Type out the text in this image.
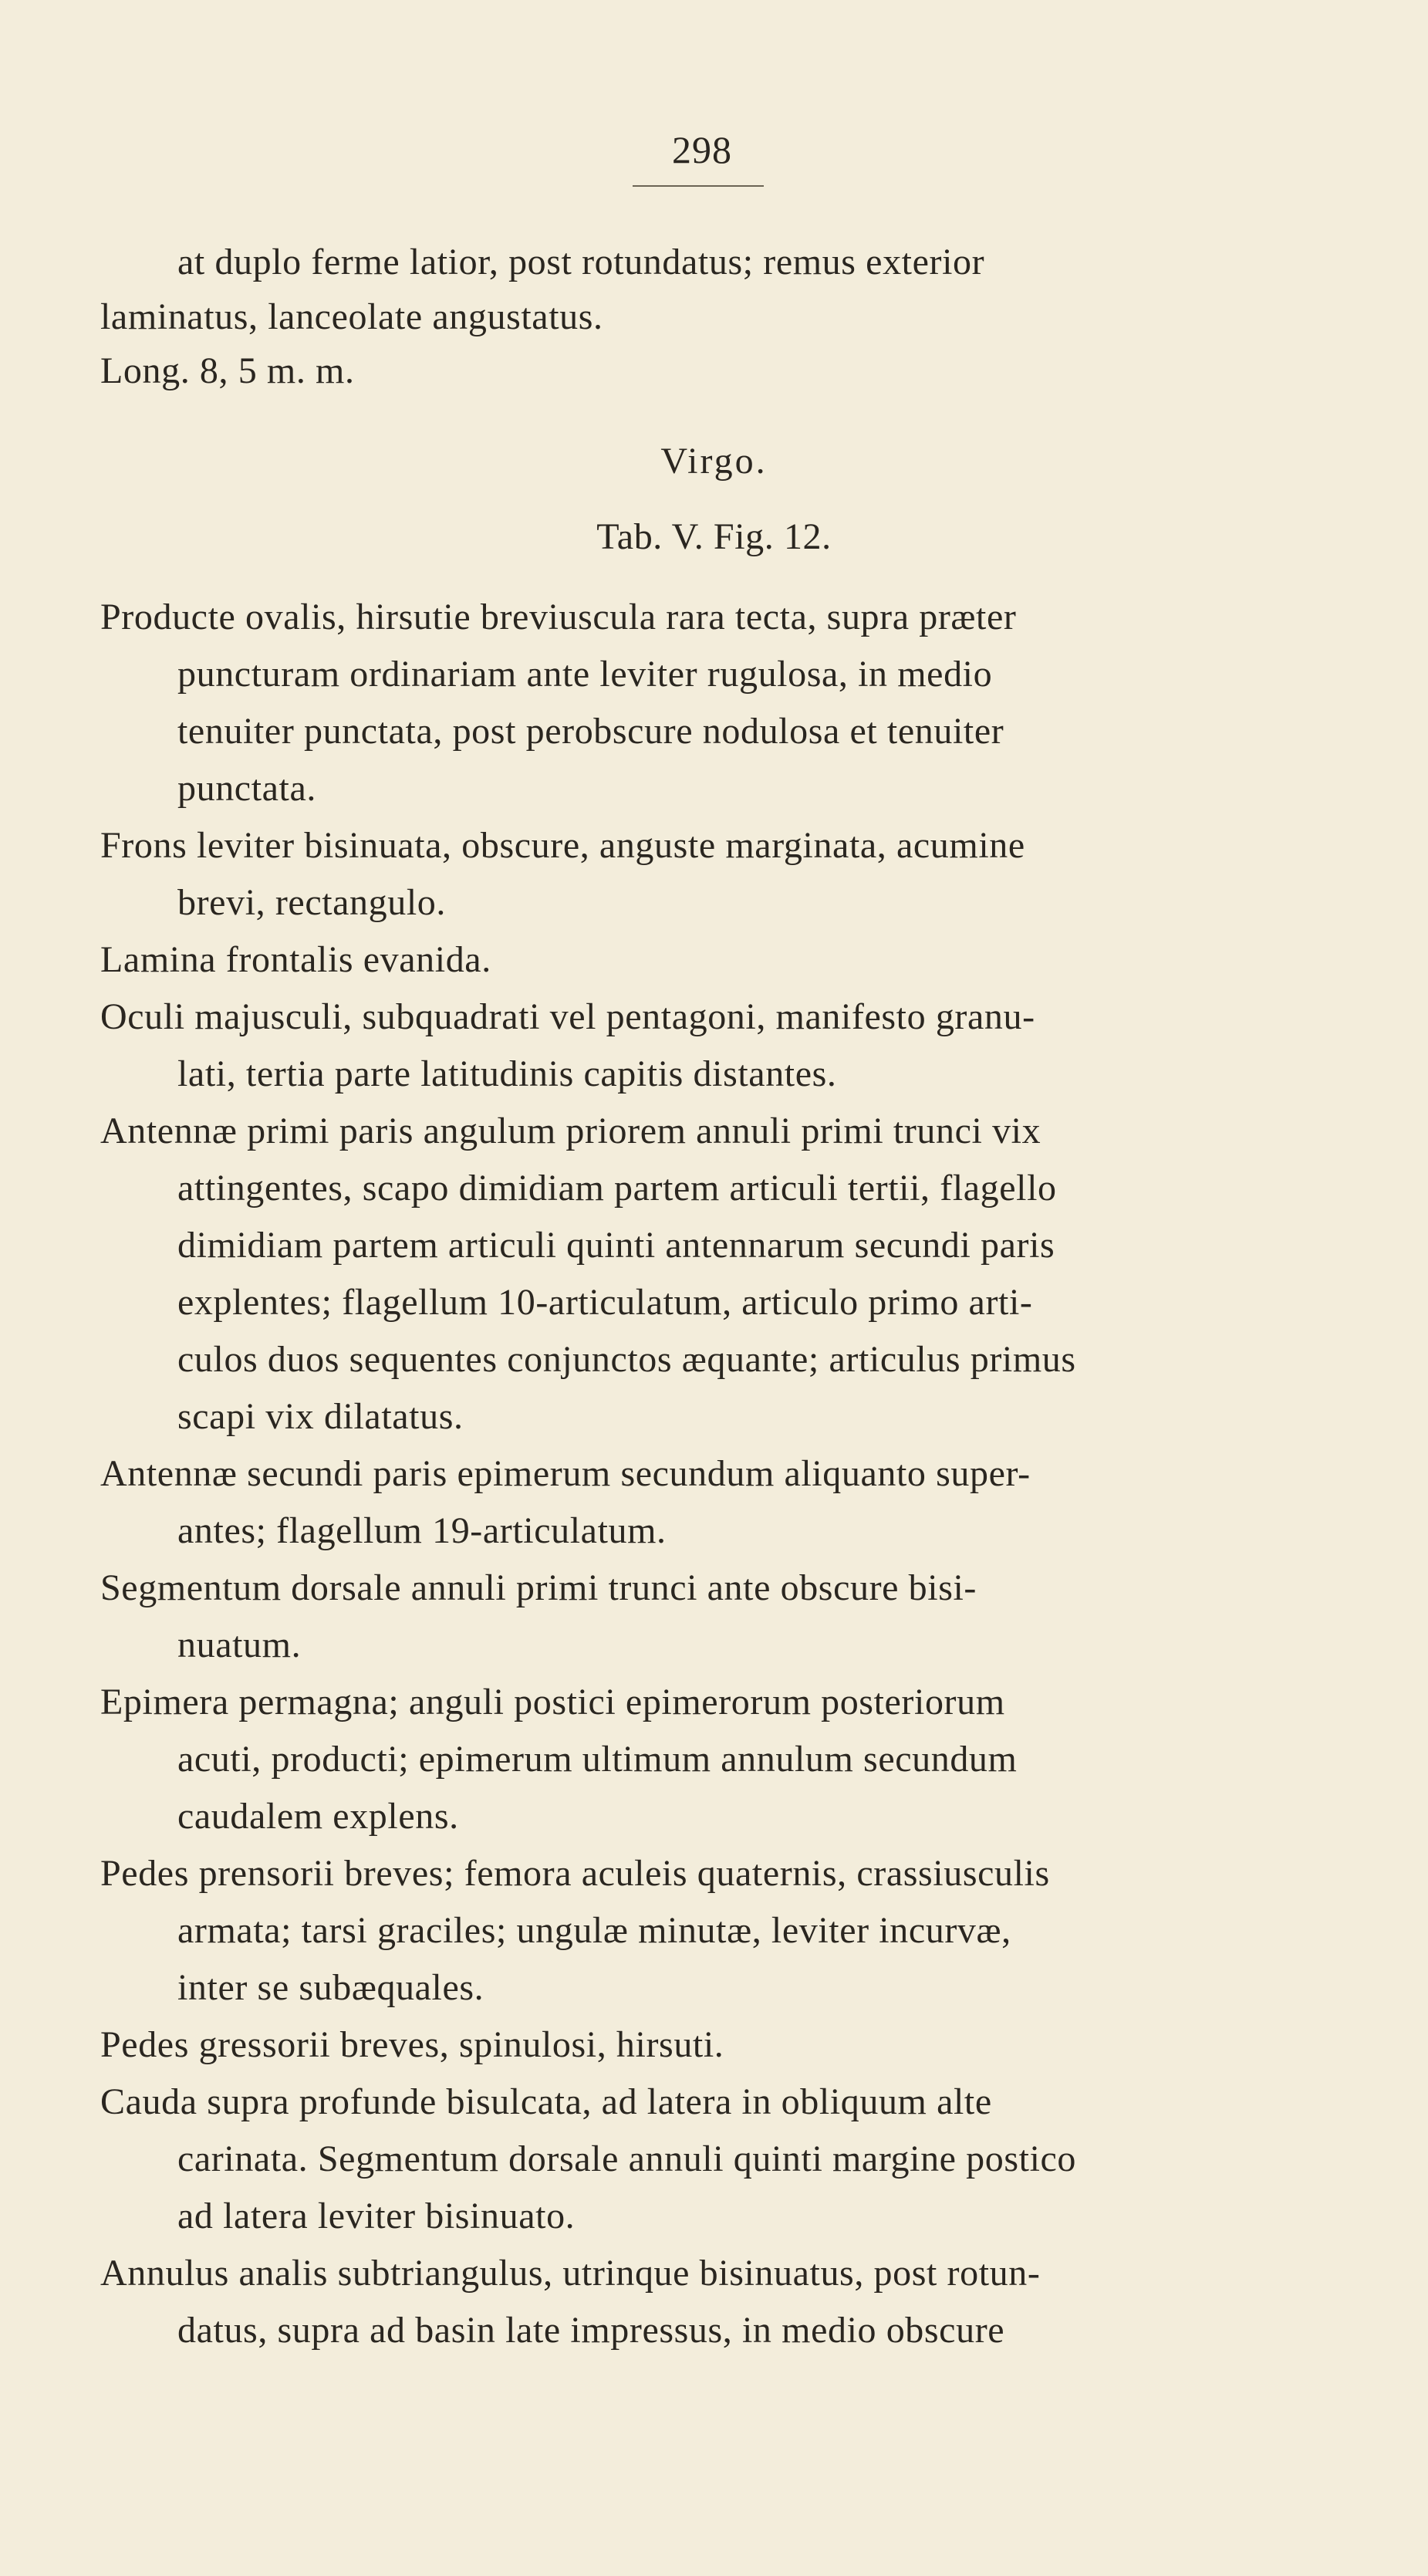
298
at duplo ferme latior, post rotundatus; remus exterior
laminatus, lanceolate angustatus.
Long. 8, 5 m. m.
Virgo.
Tab. V. Fig. 12.
Producte ovalis, hirsutie breviuscula rara tecta, supra præter
puncturam ordinariam ante leviter rugulosa, in medio
tenuiter punctata, post perobscure nodulosa et tenuiter
punctata.
Frons leviter bisinuata, obscure, anguste marginata, acumine
brevi, rectangulo.
Lamina frontalis evanida.
Oculi majusculi, subquadrati vel pentagoni, manifesto granu-
lati, tertia parte latitudinis capitis distantes.
Antennæ primi paris angulum priorem annuli primi trunci vix
attingentes, scapo dimidiam partem articuli tertii, flagello
dimidiam partem articuli quinti antennarum secundi paris
explentes; flagellum 10-articulatum, articulo primo arti-
culos duos sequentes conjunctos æquante; articulus primus
scapi vix dilatatus.
Antennæ secundi paris epimerum secundum aliquanto super-
antes; flagellum 19-articulatum.
Segmentum dorsale annuli primi trunci ante obscure bisi-
nuatum.
Epimera permagna; anguli postici epimerorum posteriorum
acuti, producti; epimerum ultimum annulum secundum
caudalem explens.
Pedes prensorii breves; femora aculeis quaternis, crassiusculis
armata; tarsi graciles; ungulæ minutæ, leviter incurvæ,
inter se subæquales.
Pedes gressorii breves, spinulosi, hirsuti.
Cauda supra profunde bisulcata, ad latera in obliquum alte
carinata. Segmentum dorsale annuli quinti margine postico
ad latera leviter bisinuato.
Annulus analis subtriangulus, utrinque bisinuatus, post rotun-
datus, supra ad basin late impressus, in medio obscure
